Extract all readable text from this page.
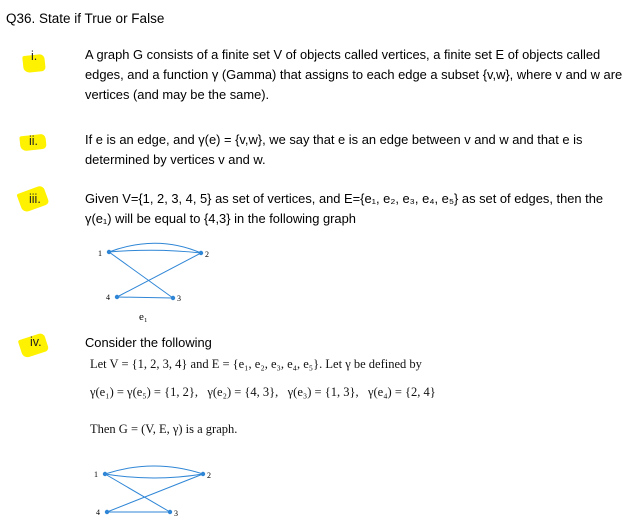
Q36. State if True or False
i.	A graph G consists of a finite set V of objects called vertices, a finite set E of objects called edges, and a function γ (Gamma) that assigns to each edge a subset {v,w}, where v and w are vertices (and may be the same).
ii.	If e is an edge, and γ(e) = {v,w}, we say that e is an edge between v and w and that e is determined by vertices v and w.
iii.	Given V={1, 2, 3, 4, 5} as set of vertices, and E={e₁, e₂, e₃, e₄, e₅} as set of edges, then the γ(e₁) will be equal to {4,3} in the following graph
1	2
4	3
e₁
iv.	Consider the following
Let V = {1, 2, 3, 4} and E = {e₁, e₂, e₃, e₄, e₅}. Let γ be defined by
γ(e₁) = γ(e₅) = {1, 2},   γ(e₂) = {4, 3},   γ(e₃) = {1, 3},   γ(e₄) = {2, 4}
Then G = (V, E, γ) is a graph.
1	2
4	3
